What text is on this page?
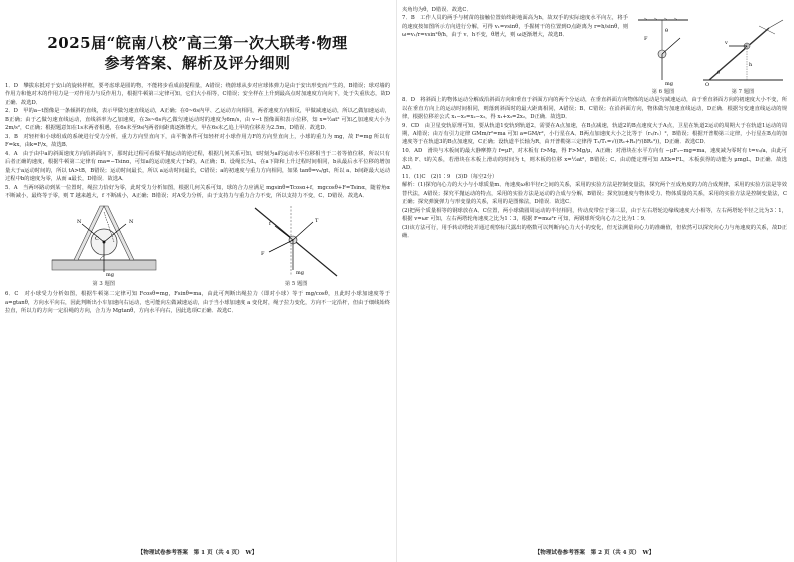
2025届“皖南八校”高三第一次大联考·物理
参考答案、解析及评分细则

1．D　攀拔东抵对于安山的旋转样框，要考虑球是圆的物，不能将步看成前提程量，A错误；绕蔚球从步对应球体弹力是由于安出形变而产生的，B错误；球对墙的作用力和他对木的作用力是一对作用力与反作用力，根据牛顿第三定律可知，它们大小相等，C错误；安全样在上升到最高点时加速度方向向下，处于失重状态，故D正确．故选D．

2．D　甲的a−t图像是一条倾斜的直线，表示甲做匀速直线运动，A正确；在0~6s内甲、乙运动方向相同，两者速度方向相反，甲做减速运动，所以乙做加速运动，B正确；由于乙做匀速直线运动，直线斜率为乙加速度，在3s~6s内乙做匀速运动时的速度为6m/s，由 v−t 图像面积表示位移，知 x=½at² 可知乙加速度大小为 2m/s²，C正确；根据题意知在1s末两者相遇，在6s末至9s内两者间距离逐渐增大，甲在6s末乙追上甲的位移差为2.5m，D错误．故选D．

3．B　对轻杆和小球组成的系统进行受力分析，重力方向竖直向下，由平衡条件可知轻杆对小球作用力F的方向竖直向上，小球的重力为 mg，故 F=mg 所以有 F=kx，由k=F/x，故选B．

4．A　由于由中a的斜面速度方向沿斜面向下，那时此过程可看做平抛运动的逆过程，根据几何关系可知，t时刻为a的运动水平位移相当于二者等值位移，所以只有后者正确的速度，根据牛顿第二定律有 ma=−Tsinα，可知a的运动速度大于b的，A正确；B、设绳长为L，在a下降和上升过程时间相同，b从最后水平位移的增加量大于a运动时间的，所以 tA>tB，B错误；运动时间最长，所以 a运动时间最长，C错误；a的初速度与重力方向相同，如果 tanθ=v₀/gt，所以 a、b间距最大运动过程中b的速度为零，从而 a最长，D错误．故选A．

5．A　当两环路动到某一位置时，绳拉力恰好为零，此时受力分析如图，根据几何关系可知，球的合力应满足 mgsinθ=Tcosα+f，mgcosθ+F=Tsinα，随着角α不断减小，最终等于零，则 T 越来越大，f 不断减小，A正确；B错误；对A受力分析，由于支持力与重力合力不变，所以支持力不变，C、D错误．故选A．

N
N
mg
C
第 3 题图
T
f
F
mg
第 5 题图

6．C　对小球受力分析如图，根据牛顿第二定律可知 Fcosθ=mg，Fsinθ=ma，由此可判断出绳拉力（即对小球）等于 mg/cosθ，且此时小球加速度等于 a=gtanθ，方向水平向右，因此判断出小车加速向右运动，也可能向左做减速运动，由于当小球加速度 a 变化时，绳子拉力变化，方向不一定沿杆，但由于细线始终拉直，所以力的方向一定沿绳的方向，合力为 Mgtanθ，方向水平向右，因此选项C正确．故选C．

【物理试卷参考答案　第 1 页（共 4 页）　W】

夹角均为θ，D错误．故选C．

F
mg
θ
第 6 题图
O
h
θ
v
第 7 题图

7．B　工作人员的两手与树苗的接触位置始终距地面高为h，故双手的实际速度水平向左，将手的速度按如图所示方向进行分解，可得 v₁=vsinθ，手握树干的位置到O点距离为 r=h/sinθ，则 ω=v₁/r=vsin²θ/h，由于 v、h不变，θ增大，则 ω逐渐增大，故选B．

8．D　将斜面上的物体运动分解成沿斜面方向和垂直于斜面方向的两个分运动，在垂直斜面方向物体的运动是匀减速运动，由于垂直斜面方向的初速度大小不变，所以在垂直方向上的运动时间相同，则落到斜面时的最大距离相同，A错误；B、C错误；在沿斜面方向，物体做匀加速直线运动，D正确．根据匀变速直线运动的规律，根据位移差公式 x₁−x₂=x₂−x₃，得 x₁+x₃=2x₂，D正确．故选D．

9．CD　由卫星变轨原理可知，要从轨道1变轨到轨道2，需要在A点加速，在B点减速，轨道2的B点速度大于A点，卫星在轨道2运动的周期大于在轨道1运动的周期，A错误；由万有引力定律 GMm/r²=ma 可知 a=GM/r²，小行星在A、B两点加速度大小之比等于（r₂/r₁）²，B错误；根据开普勒第三定律，小行星在B点的加速度等于在轨道3的B点加速度，C正确；设轨道半长轴为R，由开普勒第三定律得 T₂/T₁=√((R₁+R₂)³/(8R₁³))，D正确．故选CD．

10．AD　滑块与木板间的最大静摩擦力 f=μF，对木板有 f>Mg，得 F>Mg/μ，A正确；对滑块在水平方向有 −μF₁−mg=ma，速度减为零时有 t=v₀/a，由此可求出 F、t的关系，若滑块在木板上滑动的时间为 t，则木板的位移 x=½at²，B错误；C、由动能定理可知 ΔEk=FL，木板获得的动能为 μmgL，D正确．故选AD．

11．(1)C　(2)1∶9　(3)D（每空2分）

解析：(1)探究向心力的大小与小球质量m、角速度ω和半径r之间的关系，采用的实验方法是控制变量法，探究两个互成角度的力的合成规律，采用的实验方法是等效替代法，A错误；探究平抛运动的特点，采用的实验方法是运动的合成与分解，B错误；探究加速度与物体受力、物体质量的关系，采用的实验方法是控制变量法，C正确；探究弹簧弹力与形变量的关系，采用的是图像法，D错误．故选C．

(2)把两个质量相等的钢球放在A、C位置，两小球做圆周运动的半径相同，传动皮带位于第三层，由于左右塔轮边缘线速度大小相等，左右两塔轮半径之比为3∶1，根据 v=ωr 可知，左右两塔轮角速度之比为1∶3，根据 F=mω²r 可知，两钢球所受向心力之比为1∶9．

(3)该方法可行，用手转动塔轮并通过观察标尺露出的格数可以判断向心力大小的变化，但无法测量向心力的准确值，但依然可以探究向心力与角速度的关系，故D正确．

【物理试卷参考答案　第 2 页（共 4 页）　W】
